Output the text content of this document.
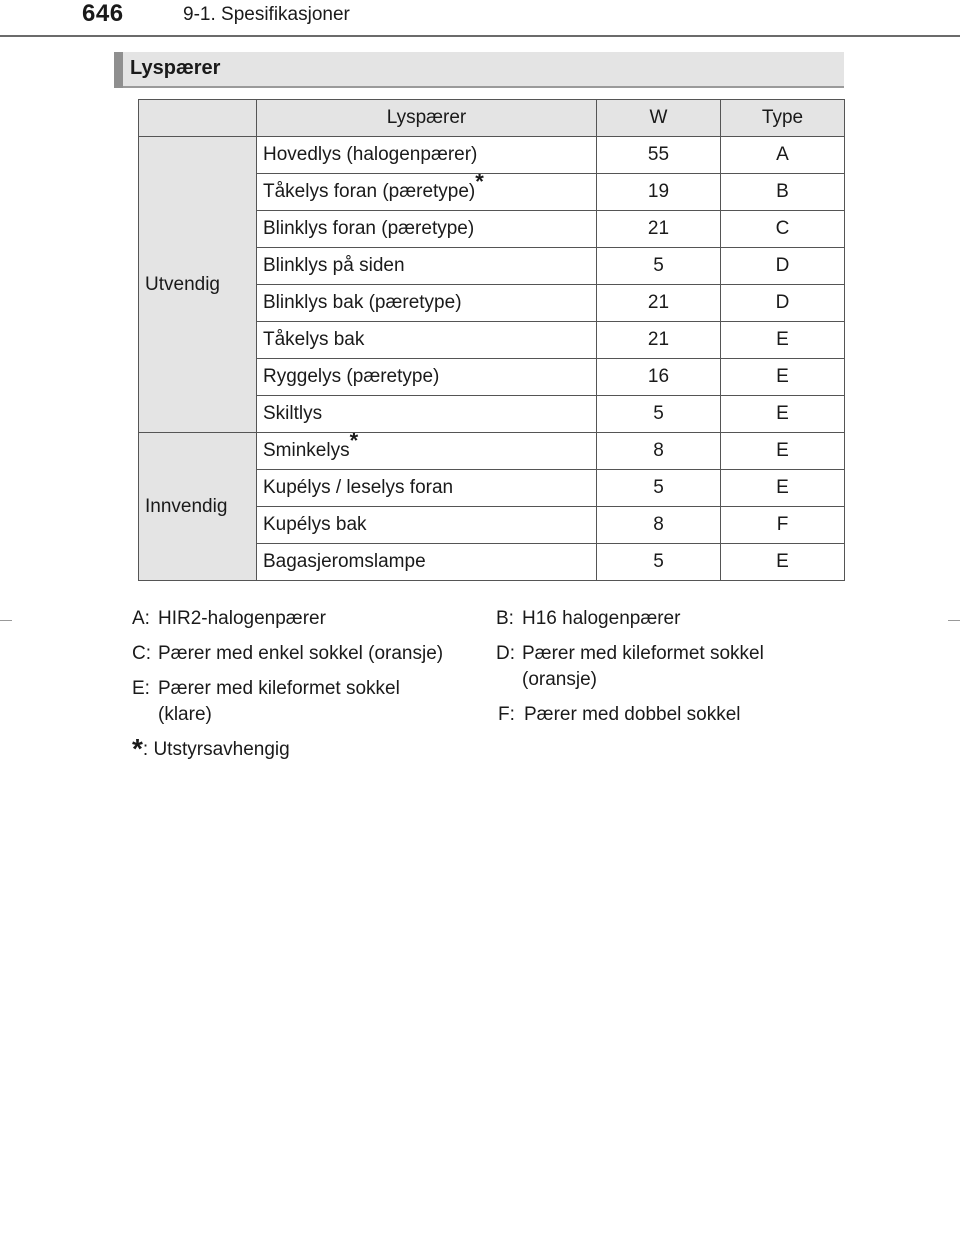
646	9-1. Spesifikasjoner
Lyspærer
	Lyspærer	W	Type
Utvendig	Hovedlys (halogenpærer)	55	A
	Tåkelys foran (pæretype)*	19	B
	Blinklys foran (pæretype)	21	C
	Blinklys på siden	5	D
	Blinklys bak (pæretype)	21	D
	Tåkelys bak	21	E
	Ryggelys (pæretype)	16	E
	Skiltlys	5	E
Innvendig	Sminkelys*	8	E
	Kupélys / leselys foran	5	E
	Kupélys bak	8	F
	Bagasjeromslampe	5	E
A: HIR2-halogenpærer	B: H16 halogenpærer
C: Pærer med enkel sokkel (oransje)	D: Pærer med kileformet sokkel
(oransje)
E: Pærer med kileformet sokkel
(klare)	F: Pærer med dobbel sokkel
*: Utstyrsavhengig
